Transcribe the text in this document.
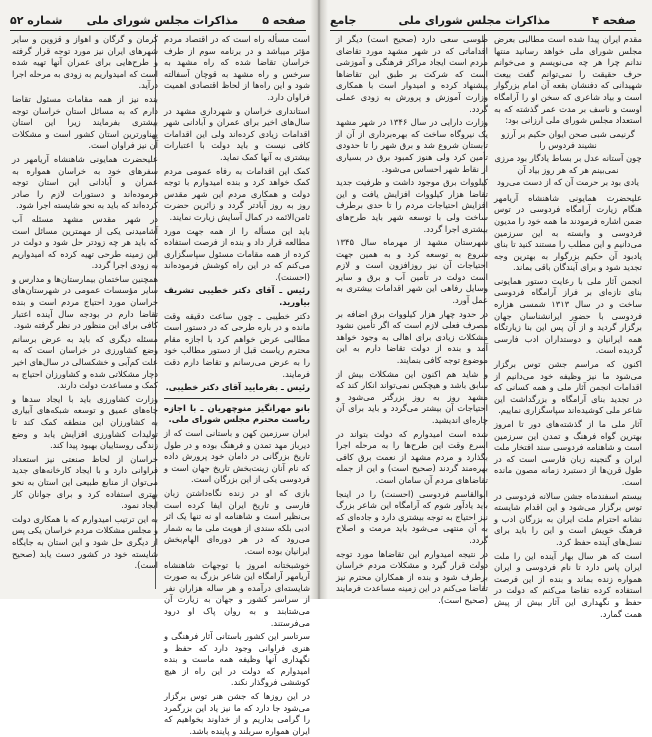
صفحه ۵
مذاکرات مجلس شورای ملی
شماره ۵۲

است مسأله راه است که در اقتصاد مردم مؤثر میباشد و در برنامه سوم از طرف خراسان تقاضا شده که راه مشهد به سرخس و راه مشهد به قوچان آسفالته شود و این راه‌ها از لحاظ اقتصادی اهمیت فراوان دارد.

استانداری خراسان و شهرداری مشهد در سال‌های اخیر برای عمران و آبادانی شهر اقدامات زیادی کرده‌اند ولی این اقدامات کافی نیست و باید دولت با اعتبارات بیشتری به آنها کمک نماید.

کمک این اقدامات به رفاه عمومی مردم کمک خواهد کرد و بنده امیدوارم با توجه دولت و همکاری مردم این شهر مقدس روز به روز آبادتر گردد و زائرین حضرت ثامن‌الائمه در کمال آسایش زیارت نمایند.

باید این مسأله را از همه جهت مورد مطالعه قرار داد و بنده از فرصت استفاده کرده از همه مقامات مسئول سپاسگزاری می‌کنم که در این راه کوشش فرموده‌اند (احسنت).

رئیس ـ آقای دکتر خطیبی تشریف بیاورید.

دکتر خطیبی ـ چون ساعت دقیقه وقت مانده و در باره طرحی که در دستور است مطالبی عرض خواهم کرد با اجازه مقام محترم ریاست قبل از دستور مطالب خود را به عرض می‌رسانم و تقاضا دارم دقت فرمایند.

رئیس ـ بفرمایید آقای دکتر خطیبی.

بانو مهرانگیز منوچهریان ـ با اجازه ریاست محترم مجلس شورای ملی.

ایران سرزمین کهن و باستانی است که از دیرباز مهد تمدن و فرهنگ بوده و در طول تاریخ بزرگانی در دامان خود پرورش داده که نام آنان زینت‌بخش تاریخ جهان است و فردوسی یکی از این بزرگان است.

بازی که او در زنده نگاه‌داشتن زبان فارسی و تاریخ ایران ایفا کرده است بی‌نظیر است و شاهنامه او نه تنها یک اثر ادبی بلکه سندی از هویت ملی ما به شمار می‌رود که در هر دوره‌ای الهام‌بخش ایرانیان بوده است.

خوشبختانه امروز با توجهات شاهنشاه آریامهر آرامگاه این شاعر بزرگ به صورت شایسته‌ای درآمده و هر ساله هزاران نفر از سراسر کشور و جهان به زیارت آن می‌شتابند و به روان پاک او درود می‌فرستند.

سرتاسر این کشور باستانی آثار فرهنگی و هنری فراوانی وجود دارد که حفظ و نگهداری آنها وظیفه همه ماست و بنده امیدوارم که دولت در این راه از هیچ کوششی فروگذار نکند.

در این روزها که جشن هنر توس برگزار می‌شود جا دارد که ما نیز یاد این بزرگمرد را گرامی بداریم و از خداوند بخواهیم که ایران همواره سربلند و پاینده باشد.

کرمان و گرگان و اهواز و قزوین و سایر شهرهای ایران نیز مورد توجه قرار گرفته و طرح‌هایی برای عمران آنها تهیه شده است که امیدواریم به زودی به مرحله اجرا درآید.

بنده نیز از همه مقامات مسئول تقاضا دارم که به مسائل استان خراسان توجه بیشتری بفرمایند زیرا این استان پهناورترین استان کشور است و مشکلات آن نیز فراوان است.

علیحضرت همایونی شاهنشاه آریامهر در سفرهای خود به خراسان همواره به عمران و آبادانی این استان توجه فرموده‌اند و دستورات لازم را صادر کرده‌اند که باید به نحو شایسته اجرا شود.

در شهر مقدس مشهد مسئله آب آشامیدنی یکی از مهمترین مسائل است که باید هر چه زودتر حل شود و دولت در این زمینه طرحی تهیه کرده که امیدواریم به زودی اجرا گردد.

همچنین ساختمان بیمارستان‌ها و مدارس و سایر مؤسسات عمومی در شهرستان‌های خراسان مورد احتیاج مردم است و بنده تقاضا دارم در بودجه سال آینده اعتبار کافی برای این منظور در نظر گرفته شود.

مسئله دیگری که باید به عرض برسانم وضع کشاورزی در خراسان است که به علت کم‌آبی و خشکسالی در سال‌های اخیر دچار مشکلاتی شده و کشاورزان احتیاج به کمک و مساعدت دولت دارند.

وزارت کشاورزی باید با ایجاد سدها و چاه‌های عمیق و توسعه شبکه‌های آبیاری به کشاورزان این منطقه کمک کند تا تولیدات کشاورزی افزایش یابد و وضع زندگی روستاییان بهبود پیدا کند.

خراسان از لحاظ صنعتی نیز استعداد فراوانی دارد و با ایجاد کارخانه‌های جدید می‌توان از منابع طبیعی این استان به نحو بهتری استفاده کرد و برای جوانان کار ایجاد نمود.

به این ترتیب امیدوارم که با همکاری دولت و مجلس مشکلات مردم خراسان یکی پس از دیگری حل شود و این استان به جایگاه شایسته خود در کشور دست یابد (صحیح است).

صفحه ۴
مذاکرات مجلس شورای ملی
جامع

مقدم ایران پیدا شده است مطالبی بعرض مجلس شورای ملی خواهد رسانید منتها ندانم چرا هر چه می‌نویسم و می‌خوانم حرف حقیقت را نمی‌توانم گفت بیعت شهیدانی که دفنشان بقعه آن امام بزرگوار است و بیاد شاعری که سخن او را آرامگاه اوست و ناسف بر مدت عمر گذشته که به استعداد مجلس شورای ملی ارزانی بود:

گرنیمی شبی صحن ایوان حکیم بر آرزو نشیند فردوس را
چون آستانه عدل بر بساط یادگار بود مرزی نمی‌بینم هر که هر روز بیاد آن
یادی بود بر حرمت آن که از دست می‌رود

علیحضرت همایونی شاهنشاه آریامهر هنگام زیارت آرامگاه فردوسی در توس ضمن اشاره فرمودند ما همه خود را مدیون فردوسی و وابسته به این سرزمین می‌دانیم و این مطلب را مستند کنید تا بنای یادبود آن حکیم بزرگوار به بهترین وجه تجدید شود و برای آیندگان باقی بماند.

انجمن آثار ملی با رعایت دستور همایونی بنای تازه‌ای بر فراز آرامگاه فردوسی ساخت و در سال ۱۳۱۳ شمسی هزاره فردوسی با حضور ایرانشناسان جهان برگزار گردید و از آن پس این بنا زیارتگاه همه ایرانیان و دوستداران ادب فارسی گردیده است.

اکنون که مراسم جشن توس برگزار می‌شود ما نیز وظیفه خود می‌دانیم از اقدامات انجمن آثار ملی و همه کسانی که در تجدید بنای آرامگاه و بزرگداشت این شاعر ملی کوشیده‌اند سپاسگزاری نماییم.

آثار ملی ما از گذشته‌های دور تا امروز بهترین گواه فرهنگ و تمدن این سرزمین است و شاهنامه فردوسی سند افتخار ملت ایران و گنجینه زبان فارسی است که در طول قرن‌ها از دستبرد زمانه مصون مانده است.

بیستم اسفندماه جشن سالانه فردوسی در توس برگزار می‌شود و این اقدام شایسته نشانه احترام ملت ایران به بزرگان ادب و فرهنگ خویش است و این را باید برای نسل‌های آینده حفظ کرد.

است که هر سال بهار آینده این را ملت ایران پاس دارد تا نام فردوسی و ایران همواره زنده بماند و بنده از این فرصت استفاده کرده تقاضا می‌کنم که دولت در حفظ و نگهداری این آثار بیش از پیش همت گمارد.

طوسی سعی دارد (صحیح است) دیگر از اقداماتی که در شهر مشهد مورد تقاضای مردم است ایجاد مراکز فرهنگی و آموزشی است که شرکت بر طبق این تقاضاها پیشنهاد کرده و امیدوار است با همکاری وزارت آموزش و پرورش به زودی عملی گردد.

وزارت دارایی در سال ۱۳۴۶ در شهر مشهد یک نیروگاه ساخت که بهره‌برداری از آن از تابستان شروع شد و برق شهر را تا حدودی تأمین کرد ولی هنوز کمبود برق در بسیاری از نقاط شهر احساس می‌شود.

کیلووات برق موجود داشت و ظرفیت جدید تقاضا هزار کیلووات افزایش یافت و این افزایش احتیاجات مردم را تا حدی برطرف ساخت ولی با توسعه شهر باید طرح‌های بیشتری اجرا گردد.

شهرستان مشهد از مهرماه سال ۱۳۴۵ شروع به توسعه کرد و به همین جهت احتیاجات آن نیز روزافزون است و لازم است دولت در تأمین آب و برق و سایر وسایل رفاهی این شهر اقدامات بیشتری به عمل آورد.

در حدود چهار هزار کیلووات برق اضافه بر مصرف فعلی لازم است که اگر تأمین نشود مشکلات زیادی برای اهالی به وجود خواهد آمد و بنده از دولت تقاضا دارم به این موضوع توجه کافی بنمایند.

و شاید هم اکنون این مشکلات بیش از سابق باشد و هیچکس نمی‌تواند انکار کند که مشهد روز به روز بزرگتر می‌شود و احتیاجات آن بیشتر می‌گردد و باید برای آن چاره‌ای اندیشید.

شده است امیدوارم که دولت بتواند در اسرع وقت این طرح‌ها را به مرحله اجرا بگذارد و مردم مشهد از نعمت برق کافی بهره‌مند گردند (صحیح است) و این از جمله تقاضاهای مردم آن سامان است.

ابوالقاسم فردوسی (احسنت) را در اینجا باید یادآور شوم که آرامگاه این شاعر بزرگ نیز احتیاج به توجه بیشتری دارد و جاده‌ای که به آن منتهی می‌شود باید مرمت و اصلاح گردد.

در نتیجه امیدوارم این تقاضاها مورد توجه دولت قرار گیرد و مشکلات مردم خراسان برطرف شود و بنده از همکاران محترم نیز تقاضا می‌کنم در این زمینه مساعدت فرمایند (صحیح است).
